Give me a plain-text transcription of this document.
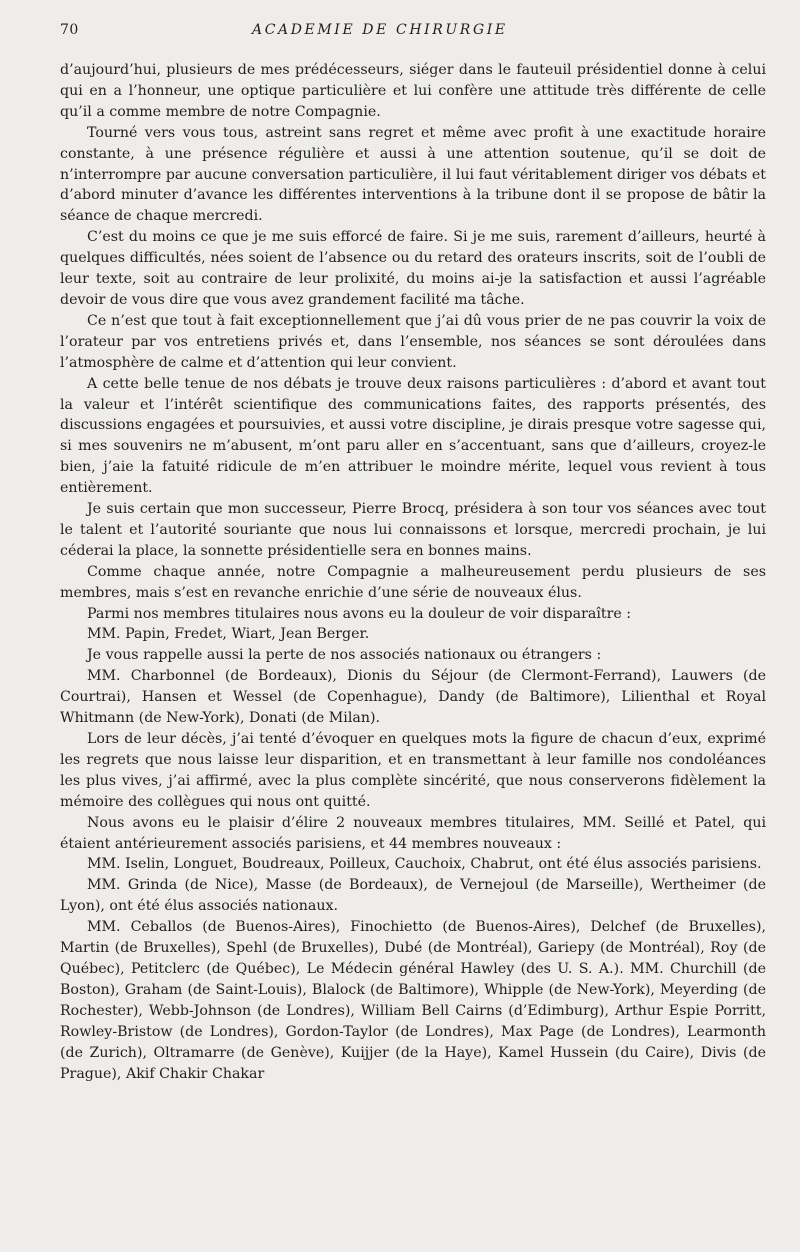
70	ACADEMIE DE CHIRURGIE

d’aujourd’hui, plusieurs de mes prédécesseurs, siéger dans le fauteuil présidentiel donne à celui qui en a l’honneur, une optique particulière et lui confère une attitude très différente de celle qu’il a comme membre de notre Compagnie.

Tourné vers vous tous, astreint sans regret et même avec profit à une exactitude horaire constante, à une présence régulière et aussi à une attention soutenue, qu’il se doit de n’interrompre par aucune conversation particulière, il lui faut véritablement diriger vos débats et d’abord minuter d’avance les différentes interventions à la tribune dont il se propose de bâtir la séance de chaque mercredi.

C’est du moins ce que je me suis efforcé de faire. Si je me suis, rarement d’ailleurs, heurté à quelques difficultés, nées soient de l’absence ou du retard des orateurs inscrits, soit de l’oubli de leur texte, soit au contraire de leur prolixité, du moins ai-je la satisfaction et aussi l’agréable devoir de vous dire que vous avez grandement facilité ma tâche.

Ce n’est que tout à fait exceptionnellement que j’ai dû vous prier de ne pas couvrir la voix de l’orateur par vos entretiens privés et, dans l’ensemble, nos séances se sont déroulées dans l’atmosphère de calme et d’attention qui leur convient.

A cette belle tenue de nos débats je trouve deux raisons particulières : d’abord et avant tout la valeur et l’intérêt scientifique des communications faites, des rapports présentés, des discussions engagées et poursuivies, et aussi votre discipline, je dirais presque votre sagesse qui, si mes souvenirs ne m’abusent, m’ont paru aller en s’accentuant, sans que d’ailleurs, croyez-le bien, j’aie la fatuité ridicule de m’en attribuer le moindre mérite, lequel vous revient à tous entièrement.

Je suis certain que mon successeur, Pierre Brocq, présidera à son tour vos séances avec tout le talent et l’autorité souriante que nous lui connaissons et lorsque, mercredi prochain, je lui céderai la place, la sonnette présidentielle sera en bonnes mains.

Comme chaque année, notre Compagnie a malheureusement perdu plusieurs de ses membres, mais s’est en revanche enrichie d’une série de nouveaux élus.

Parmi nos membres titulaires nous avons eu la douleur de voir disparaître :

MM. Papin, Fredet, Wiart, Jean Berger.

Je vous rappelle aussi la perte de nos associés nationaux ou étrangers :

MM. Charbonnel (de Bordeaux), Dionis du Séjour (de Clermont-Ferrand), Lauwers (de Courtrai), Hansen et Wessel (de Copenhague), Dandy (de Baltimore), Lilienthal et Royal Whitmann (de New-York), Donati (de Milan).

Lors de leur décès, j’ai tenté d’évoquer en quelques mots la figure de chacun d’eux, exprimé les regrets que nous laisse leur disparition, et en transmettant à leur famille nos condoléances les plus vives, j’ai affirmé, avec la plus complète sincérité, que nous conserverons fidèlement la mémoire des collègues qui nous ont quitté.

Nous avons eu le plaisir d’élire 2 nouveaux membres titulaires, MM. Seillé et Patel, qui étaient antérieurement associés parisiens, et 44 membres nouveaux :

MM. Iselin, Longuet, Boudreaux, Poilleux, Cauchoix, Chabrut, ont été élus associés parisiens.

MM. Grinda (de Nice), Masse (de Bordeaux), de Vernejoul (de Marseille), Wertheimer (de Lyon), ont été élus associés nationaux.

MM. Ceballos (de Buenos-Aires), Finochietto (de Buenos-Aires), Delchef (de Bruxelles), Martin (de Bruxelles), Spehl (de Bruxelles), Dubé (de Montréal), Gariepy (de Montréal), Roy (de Québec), Petitclerc (de Québec), Le Médecin général Hawley (des U. S. A.). MM. Churchill (de Boston), Graham (de Saint-Louis), Blalock (de Baltimore), Whipple (de New-York), Meyerding (de Rochester), Webb-Johnson (de Londres), William Bell Cairns (d’Edimburg), Arthur Espie Porritt, Rowley-Bristow (de Londres), Gordon-Taylor (de Londres), Max Page (de Londres), Learmonth (de Zurich), Oltramarre (de Genève), Kuijjer (de la Haye), Kamel Hussein (du Caire), Divis (de Prague), Akif Chakir Chakar
